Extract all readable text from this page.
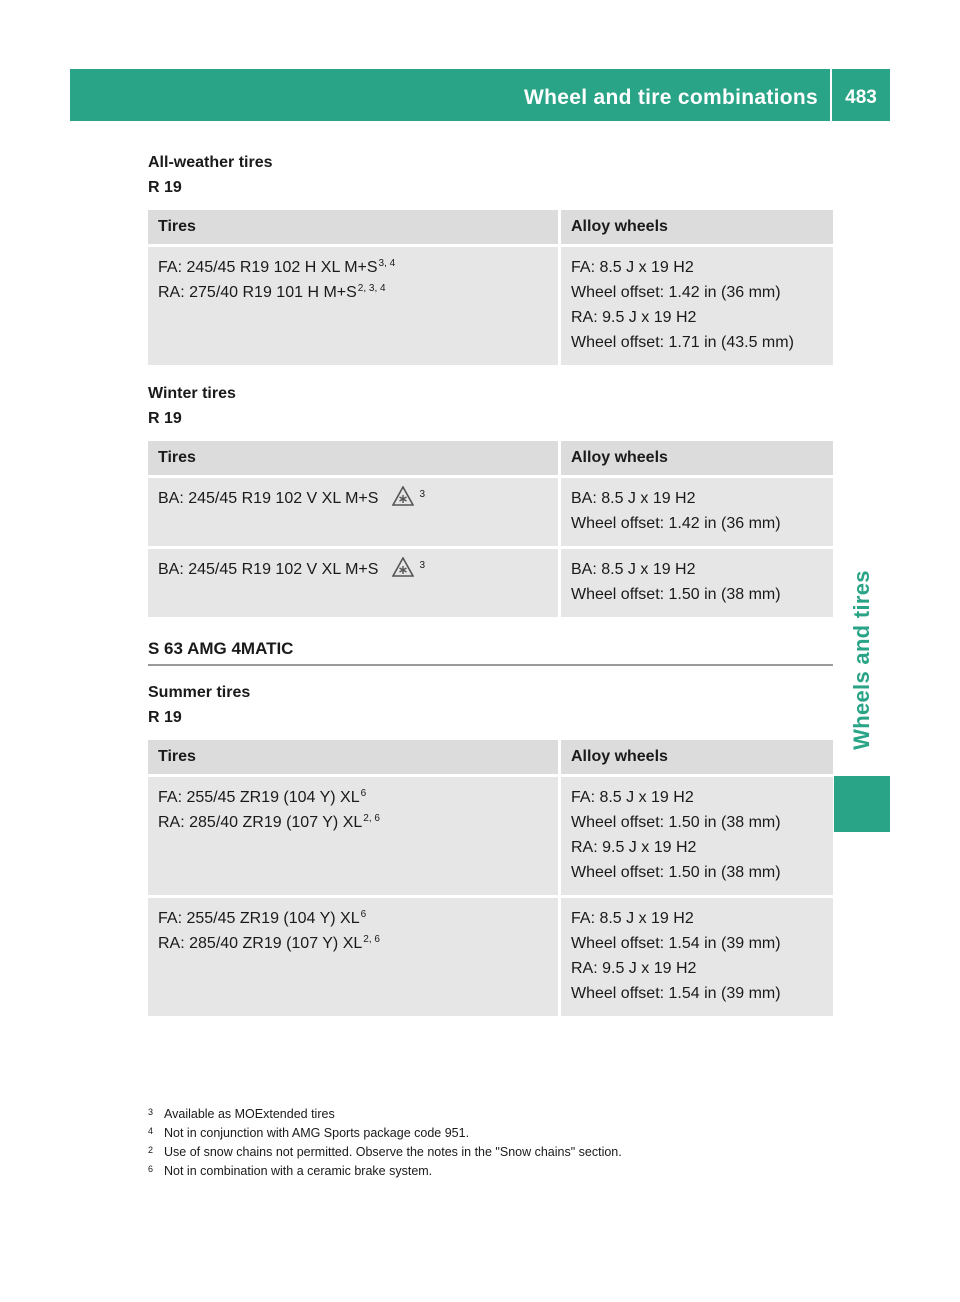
Wheel and tire combinations	483
Wheels and tires
All-weather tires
R 19
Tires	Alloy wheels

FA: 245/45 R19 102 H XL $M+S^{3, 4}$
RA: 275/40 R19 101 H $M+S^{2, 3, 4}$	FA: 8.5 J x 19 H2
Wheel offset: 1.42 in (36 mm)
RA: 9.5 J x 19 H2
Wheel offset: 1.71 in (43.5 mm)
Winter tires
R 19
Tires	Alloy wheels

BA: 245/45 R19 102 V XL M+S $^3$	BA: 8.5 J x 19 H2
Wheel offset: 1.42 in (36 mm)

BA: 245/45 R19 102 V XL M+S $^3$	BA: 8.5 J x 19 H2
Wheel offset: 1.50 in (38 mm)
S 63 AMG 4MATIC
Summer tires
R 19
Tires	Alloy wheels

FA: 255/45 ZR19 (104 Y) $XL^6$
RA: 285/40 ZR19 (107 Y) XL$^{2, 6}$	FA: 8.5 J x 19 H2
Wheel offset: 1.50 in (38 mm)
RA: 9.5 J x 19 H2
Wheel offset: 1.50 in (38 mm)

FA: 255/45 ZR19 (104 Y) $XL^6$
RA: 285/40 ZR19 (107 Y) XL$^{2, 6}$	FA: 8.5 J x 19 H2
Wheel offset: 1.54 in (39 mm)
RA: 9.5 J x 19 H2
Wheel offset: 1.54 in (39 mm)
3 Available as MOExtended tires
4 Not in conjunction with AMG Sports package code 951.
2 Use of snow chains not permitted. Observe the notes in the "Snow chains" section.
6 Not in combination with a ceramic brake system.
